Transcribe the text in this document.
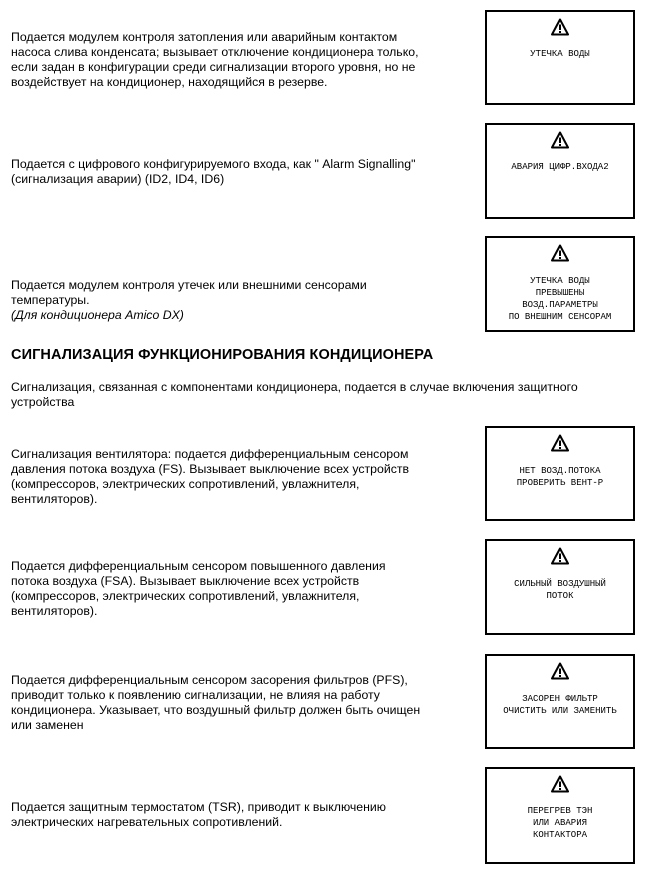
Подается модулем контроля затопления или аварийным контактом
насоса слива конденсата; вызывает отключение кондиционера только,
если задан в конфигурации среди сигнализации второго уровня, но не
воздействует на кондиционер, находящийся в резерве.

УТЕЧКА ВОДЫ

Подается с цифрового конфигурируемого входа, как " Alarm Signalling"
(сигнализация аварии) (ID2, ID4, ID6)

АВАРИЯ ЦИФР.ВХОДА2

Подается модулем контроля утечек или внешними сенсорами
температуры.

(Для кондиционера Amico DX)

УТЕЧКА ВОДЫ
ПРЕВЫШЕНЫ
ВОЗД.ПАРАМЕТРЫ
ПО ВНЕШНИМ СЕНСОРАМ
СИГНАЛИЗАЦИЯ ФУНКЦИОНИРОВАНИЯ КОНДИЦИОНЕРА

Сигнализация, связанная с компонентами кондиционера, подается в случае включения защитного устройства

Сигнализация вентилятора: подается дифференциальным сенсором
давления потока воздуха (FS). Вызывает выключение всех устройств
(компрессоров, электрических сопротивлений, увлажнителя,
вентиляторов).

НЕТ ВОЗД.ПОТОКА
ПРОВЕРИТЬ ВЕНТ-Р

Подается дифференциальным сенсором повышенного давления
потока воздуха (FSA). Вызывает выключение всех устройств
(компрессоров, электрических сопротивлений, увлажнителя,
вентиляторов).

СИЛЬНЫЙ ВОЗДУШНЫЙ
ПОТОК

Подается дифференциальным сенсором засорения фильтров (PFS),
приводит только к появлению сигнализации, не влияя на работу
кондиционера. Указывает, что воздушный фильтр должен быть очищен
или заменен

ЗАСОРЕН ФИЛЬТР
ОЧИСТИТЬ ИЛИ ЗАМЕНИТЬ

Подается защитным термостатом (TSR), приводит к выключению
электрических нагревательных сопротивлений.

ПЕРЕГРЕВ ТЭН
ИЛИ АВАРИЯ
КОНТАКТОРА
